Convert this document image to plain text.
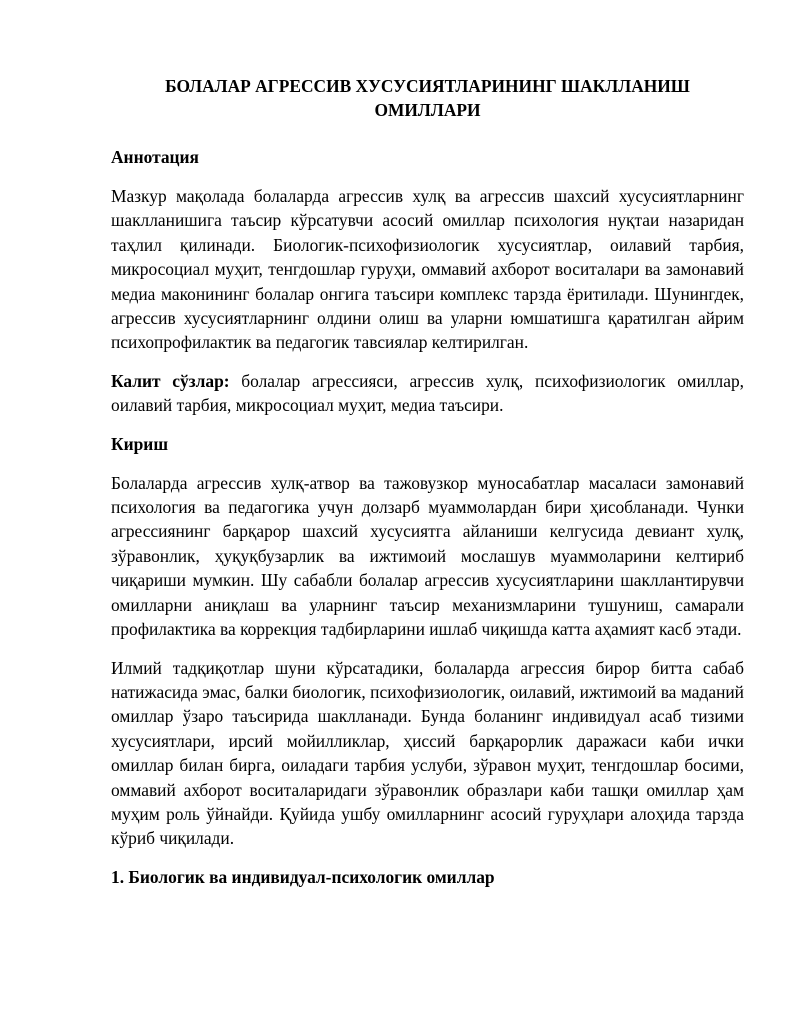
БОЛАЛАР АГРЕССИВ ХУСУСИЯТЛАРИНИНГ ШАКЛЛАНИШ ОМИЛЛАРИ
Аннотация

Мазкур мақолада болаларда агрессив хулқ ва агрессив шахсий хусусиятларнинг шаклланишига таъсир кўрсатувчи асосий омиллар психология нуқтаи назаридан таҳлил қилинади. Биологик-психофизиологик хусусиятлар, оилавий тарбия, микросоциал муҳит, тенгдошлар гуруҳи, оммавий ахборот воситалари ва замонавий медиа маконининг болалар онгига таъсири комплекс тарзда ёритилади. Шунингдек, агрессив хусусиятларнинг олдини олиш ва уларни юмшатишга қаратилган айрим психопрофилактик ва педагогик тавсиялар келтирилган.

Калит сўзлар: болалар агрессияси, агрессив хулқ, психофизиологик омиллар, оилавий тарбия, микросоциал муҳит, медиа таъсири.

Кириш

Болаларда агрессив хулқ-атвор ва тажовузкор муносабатлар масаласи замонавий психология ва педагогика учун долзарб муаммолардан бири ҳисобланади. Чунки агрессиянинг барқарор шахсий хусусиятга айланиши келгусида девиант хулқ, зўравонлик, ҳуқуқбузарлик ва ижтимоий мослашув муаммоларини келтириб чиқариши мумкин. Шу сабабли болалар агрессив хусусиятларини шакллантирувчи омилларни аниқлаш ва уларнинг таъсир механизмларини тушуниш, самарали профилактика ва коррекция тадбирларини ишлаб чиқишда катта аҳамият касб этади.

Илмий тадқиқотлар шуни кўрсатадики, болаларда агрессия бирор битта сабаб натижасида эмас, балки биологик, психофизиологик, оилавий, ижтимоий ва маданий омиллар ўзаро таъсирида шаклланади. Бунда боланинг индивидуал асаб тизими хусусиятлари, ирсий мойилликлар, ҳиссий барқарорлик даражаси каби ички омиллар билан бирга, оиладаги тарбия услуби, зўравон муҳит, тенгдошлар босими, оммавий ахборот воситаларидаги зўравонлик образлари каби ташқи омиллар ҳам муҳим роль ўйнайди. Қуйида ушбу омилларнинг асосий гуруҳлари алоҳида тарзда кўриб чиқилади.

1. Биологик ва индивидуал-психологик омиллар
